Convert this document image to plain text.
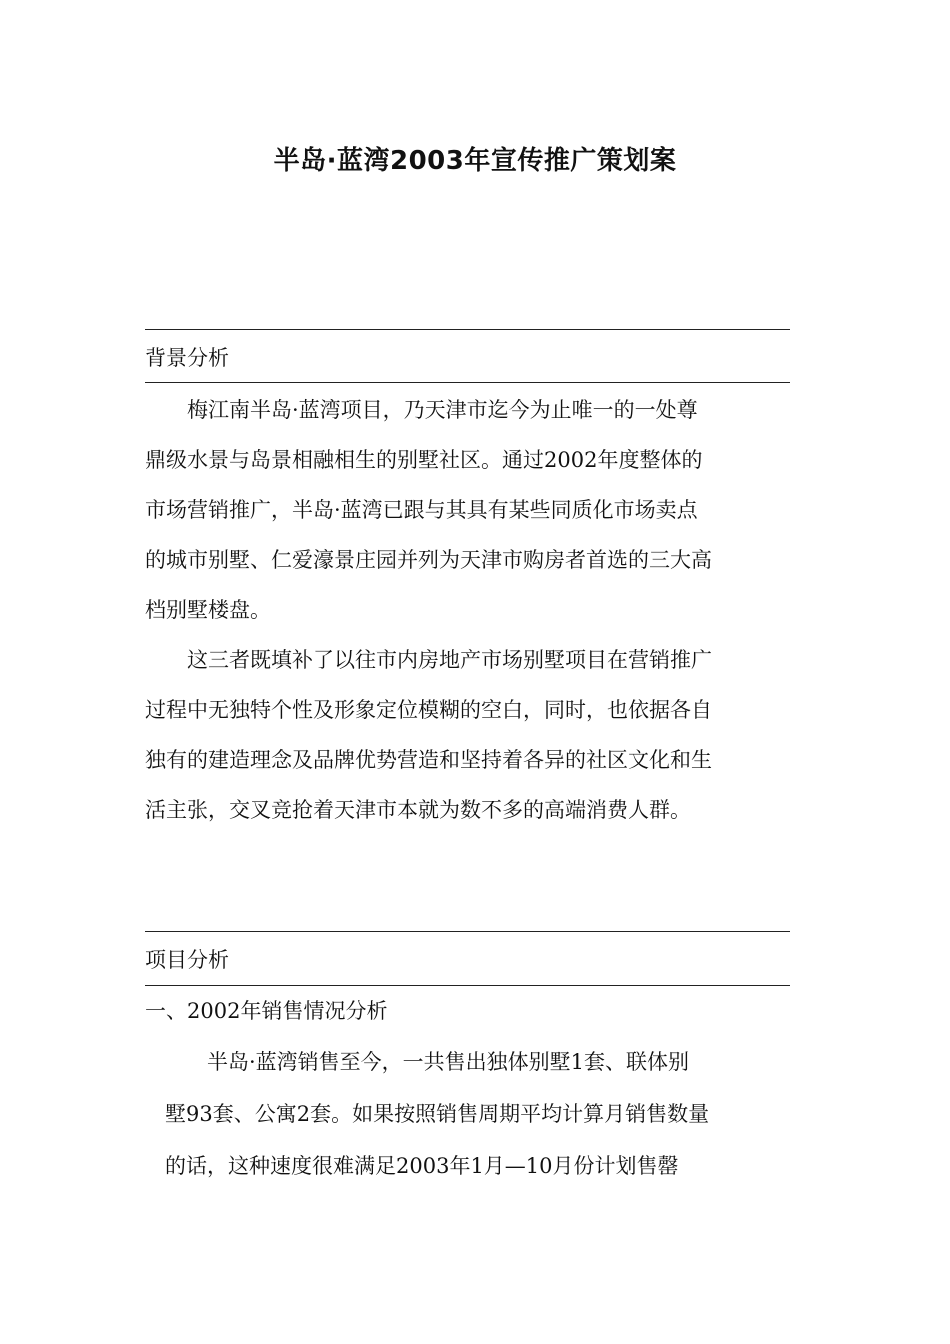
半岛·蓝湾2003年宣传推广策划案
背景分析
梅江南半岛·蓝湾项目，乃天津市迄今为止唯一的一处尊
鼎级水景与岛景相融相生的别墅社区。通过2002年度整体的
市场营销推广，半岛·蓝湾已跟与其具有某些同质化市场卖点
的城市别墅、仁爱濠景庄园并列为天津市购房者首选的三大高
档别墅楼盘。
这三者既填补了以往市内房地产市场别墅项目在营销推广
过程中无独特个性及形象定位模糊的空白，同时，也依据各自
独有的建造理念及品牌优势营造和坚持着各异的社区文化和生
活主张，交叉竞抢着天津市本就为数不多的高端消费人群。
项目分析
一、2002年销售情况分析
半岛·蓝湾销售至今，一共售出独体别墅1套、联体别
墅93套、公寓2套。如果按照销售周期平均计算月销售数量
的话，这种速度很难满足2003年1月—10月份计划售罄
